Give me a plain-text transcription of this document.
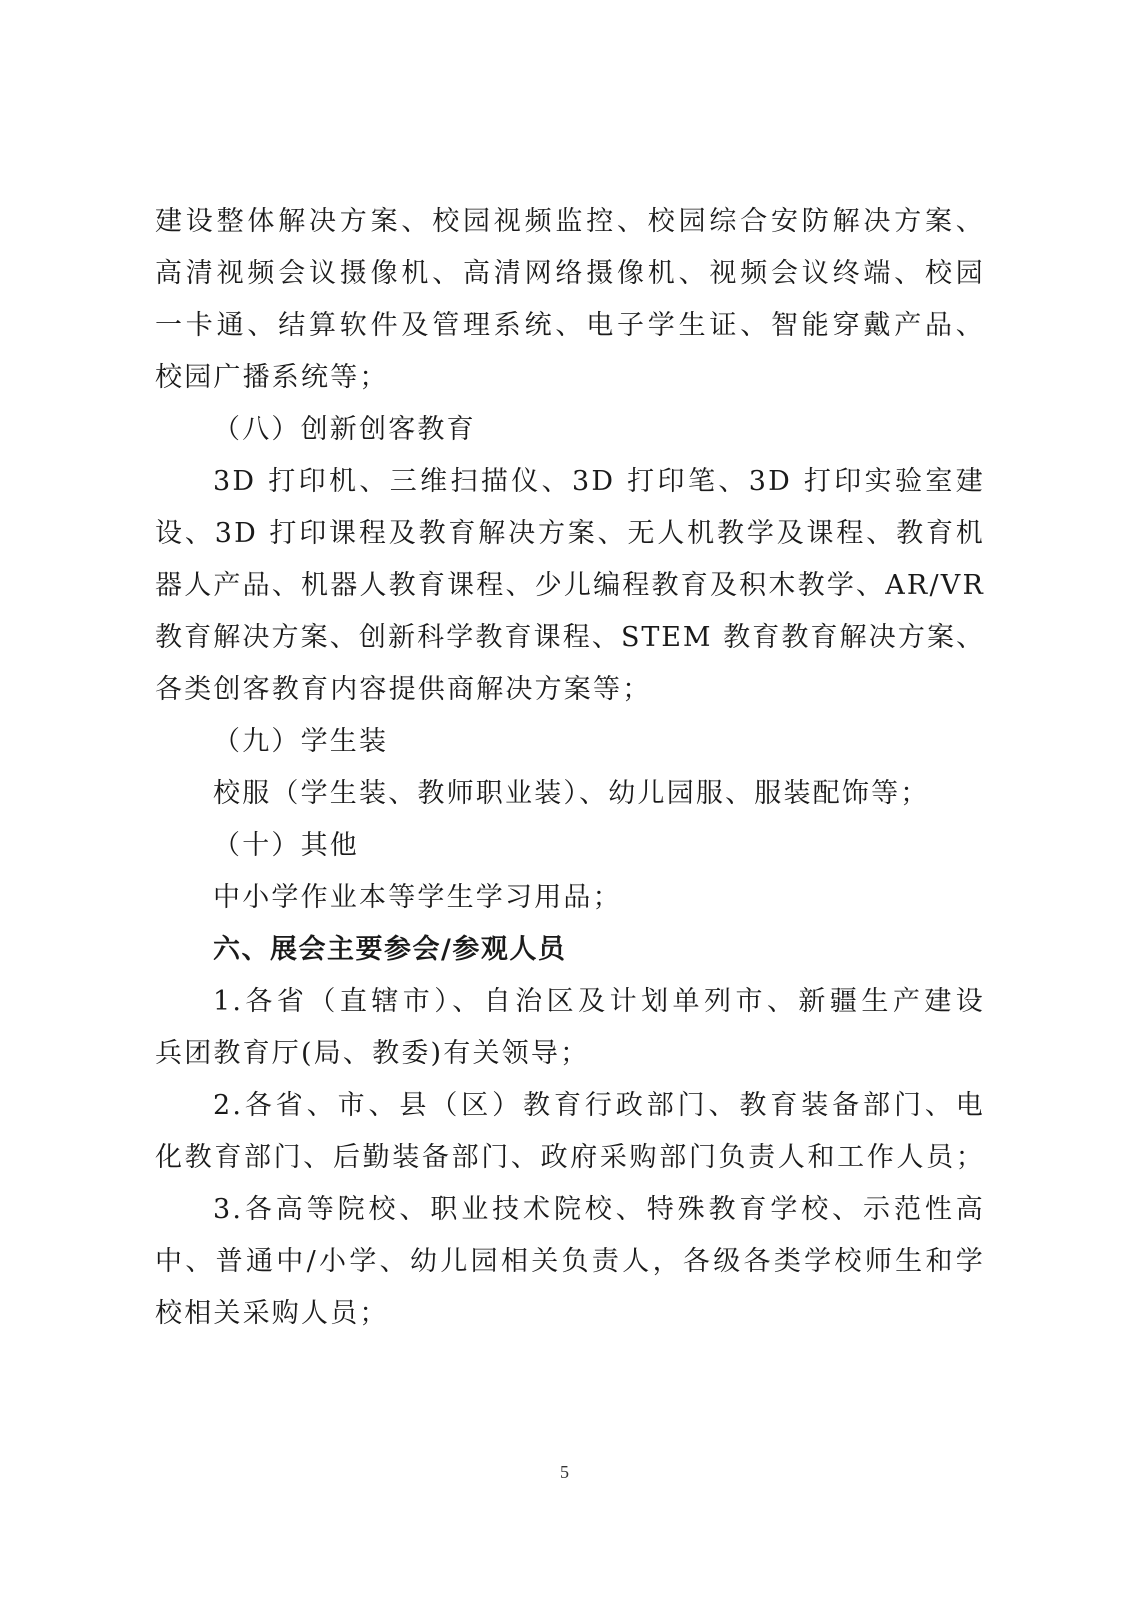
建设整体解决方案、校园视频监控、校园综合安防解决方案、
高清视频会议摄像机、高清网络摄像机、视频会议终端、校园
一卡通、结算软件及管理系统、电子学生证、智能穿戴产品、
校园广播系统等；
（八）创新创客教育
3D 打印机、三维扫描仪、3D 打印笔、3D 打印实验室建
设、3D 打印课程及教育解决方案、无人机教学及课程、教育机
器人产品、机器人教育课程、少儿编程教育及积木教学、AR/VR
教育解决方案、创新科学教育课程、STEM 教育教育解决方案、
各类创客教育内容提供商解决方案等；
（九）学生装
校服（学生装、教师职业装）、幼儿园服、服装配饰等；
（十）其他
中小学作业本等学生学习用品；
六、展会主要参会/参观人员
1.各省（直辖市）、自治区及计划单列市、新疆生产建设
兵团教育厅(局、教委)有关领导；
2.各省、市、县（区）教育行政部门、教育装备部门、电
化教育部门、后勤装备部门、政府采购部门负责人和工作人员；
3.各高等院校、职业技术院校、特殊教育学校、示范性高
中、普通中/小学、幼儿园相关负责人，各级各类学校师生和学
校相关采购人员；
5
